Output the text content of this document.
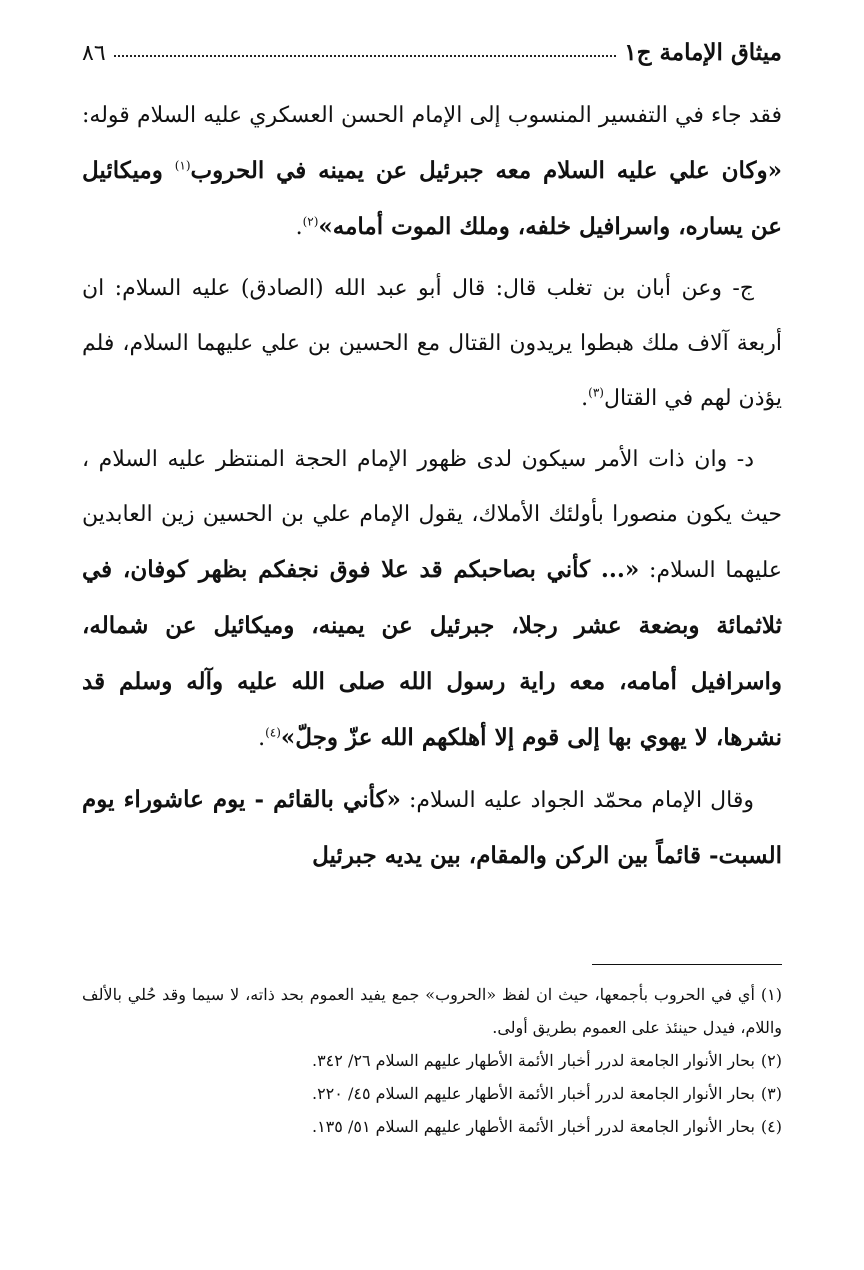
ميثاق الإمامة ج١
٨٦

فقد جاء في التفسير المنسوب إلى الإمام الحسن العسكري عليه السلام قوله: «وكان علي عليه السلام معه جبرئيل عن يمينه في الحروب$^{(١)}$ وميكائيل عن يساره، واسرافيل خلفه، وملك الموت أمامه»$^{(٢)}$.

ج- وعن أبان بن تغلب قال: قال أبو عبد الله (الصادق) عليه السلام: ان أربعة آلاف ملك هبطوا يريدون القتال مع الحسين بن علي عليهما السلام، فلم يؤذن لهم في القتال$^{(٣)}$.

د- وان ذات الأمر سيكون لدى ظهور الإمام الحجة المنتظر عليه السلام ، حيث يكون منصورا بأولئك الأملاك، يقول الإمام علي بن الحسين زين العابدين عليهما السلام: «... كأني بصاحبكم قد علا فوق نجفكم بظهر كوفان، في ثلاثمائة وبضعة عشر رجلا، جبرئيل عن يمينه، وميكائيل عن شماله، واسرافيل أمامه، معه راية رسول الله صلى الله عليه وآله وسلم قد نشرها، لا يهوي بها إلى قوم إلا أهلكهم الله عزّ وجلّ»$^{(٤)}$.

وقال الإمام محمّد الجواد عليه السلام: «كأني بالقائم - يوم عاشوراء يوم السبت- قائماً بين الركن والمقام، بين يديه جبرئيل

(١)أي في الحروب بأجمعها، حيث ان لفظ «الحروب» جمع يفيد العموم بحد ذاته، لا سيما وقد حُلي بالألف واللام، فيدل حينئذ على العموم بطريق أولى.

(٢)بحار الأنوار الجامعة لدرر أخبار الأئمة الأطهار عليهم السلام ٢٦/ ٣٤٢.

(٣)بحار الأنوار الجامعة لدرر أخبار الأئمة الأطهار عليهم السلام ٤٥/ ٢٢٠.

(٤)بحار الأنوار الجامعة لدرر أخبار الأئمة الأطهار عليهم السلام ٥١/ ١٣٥.
